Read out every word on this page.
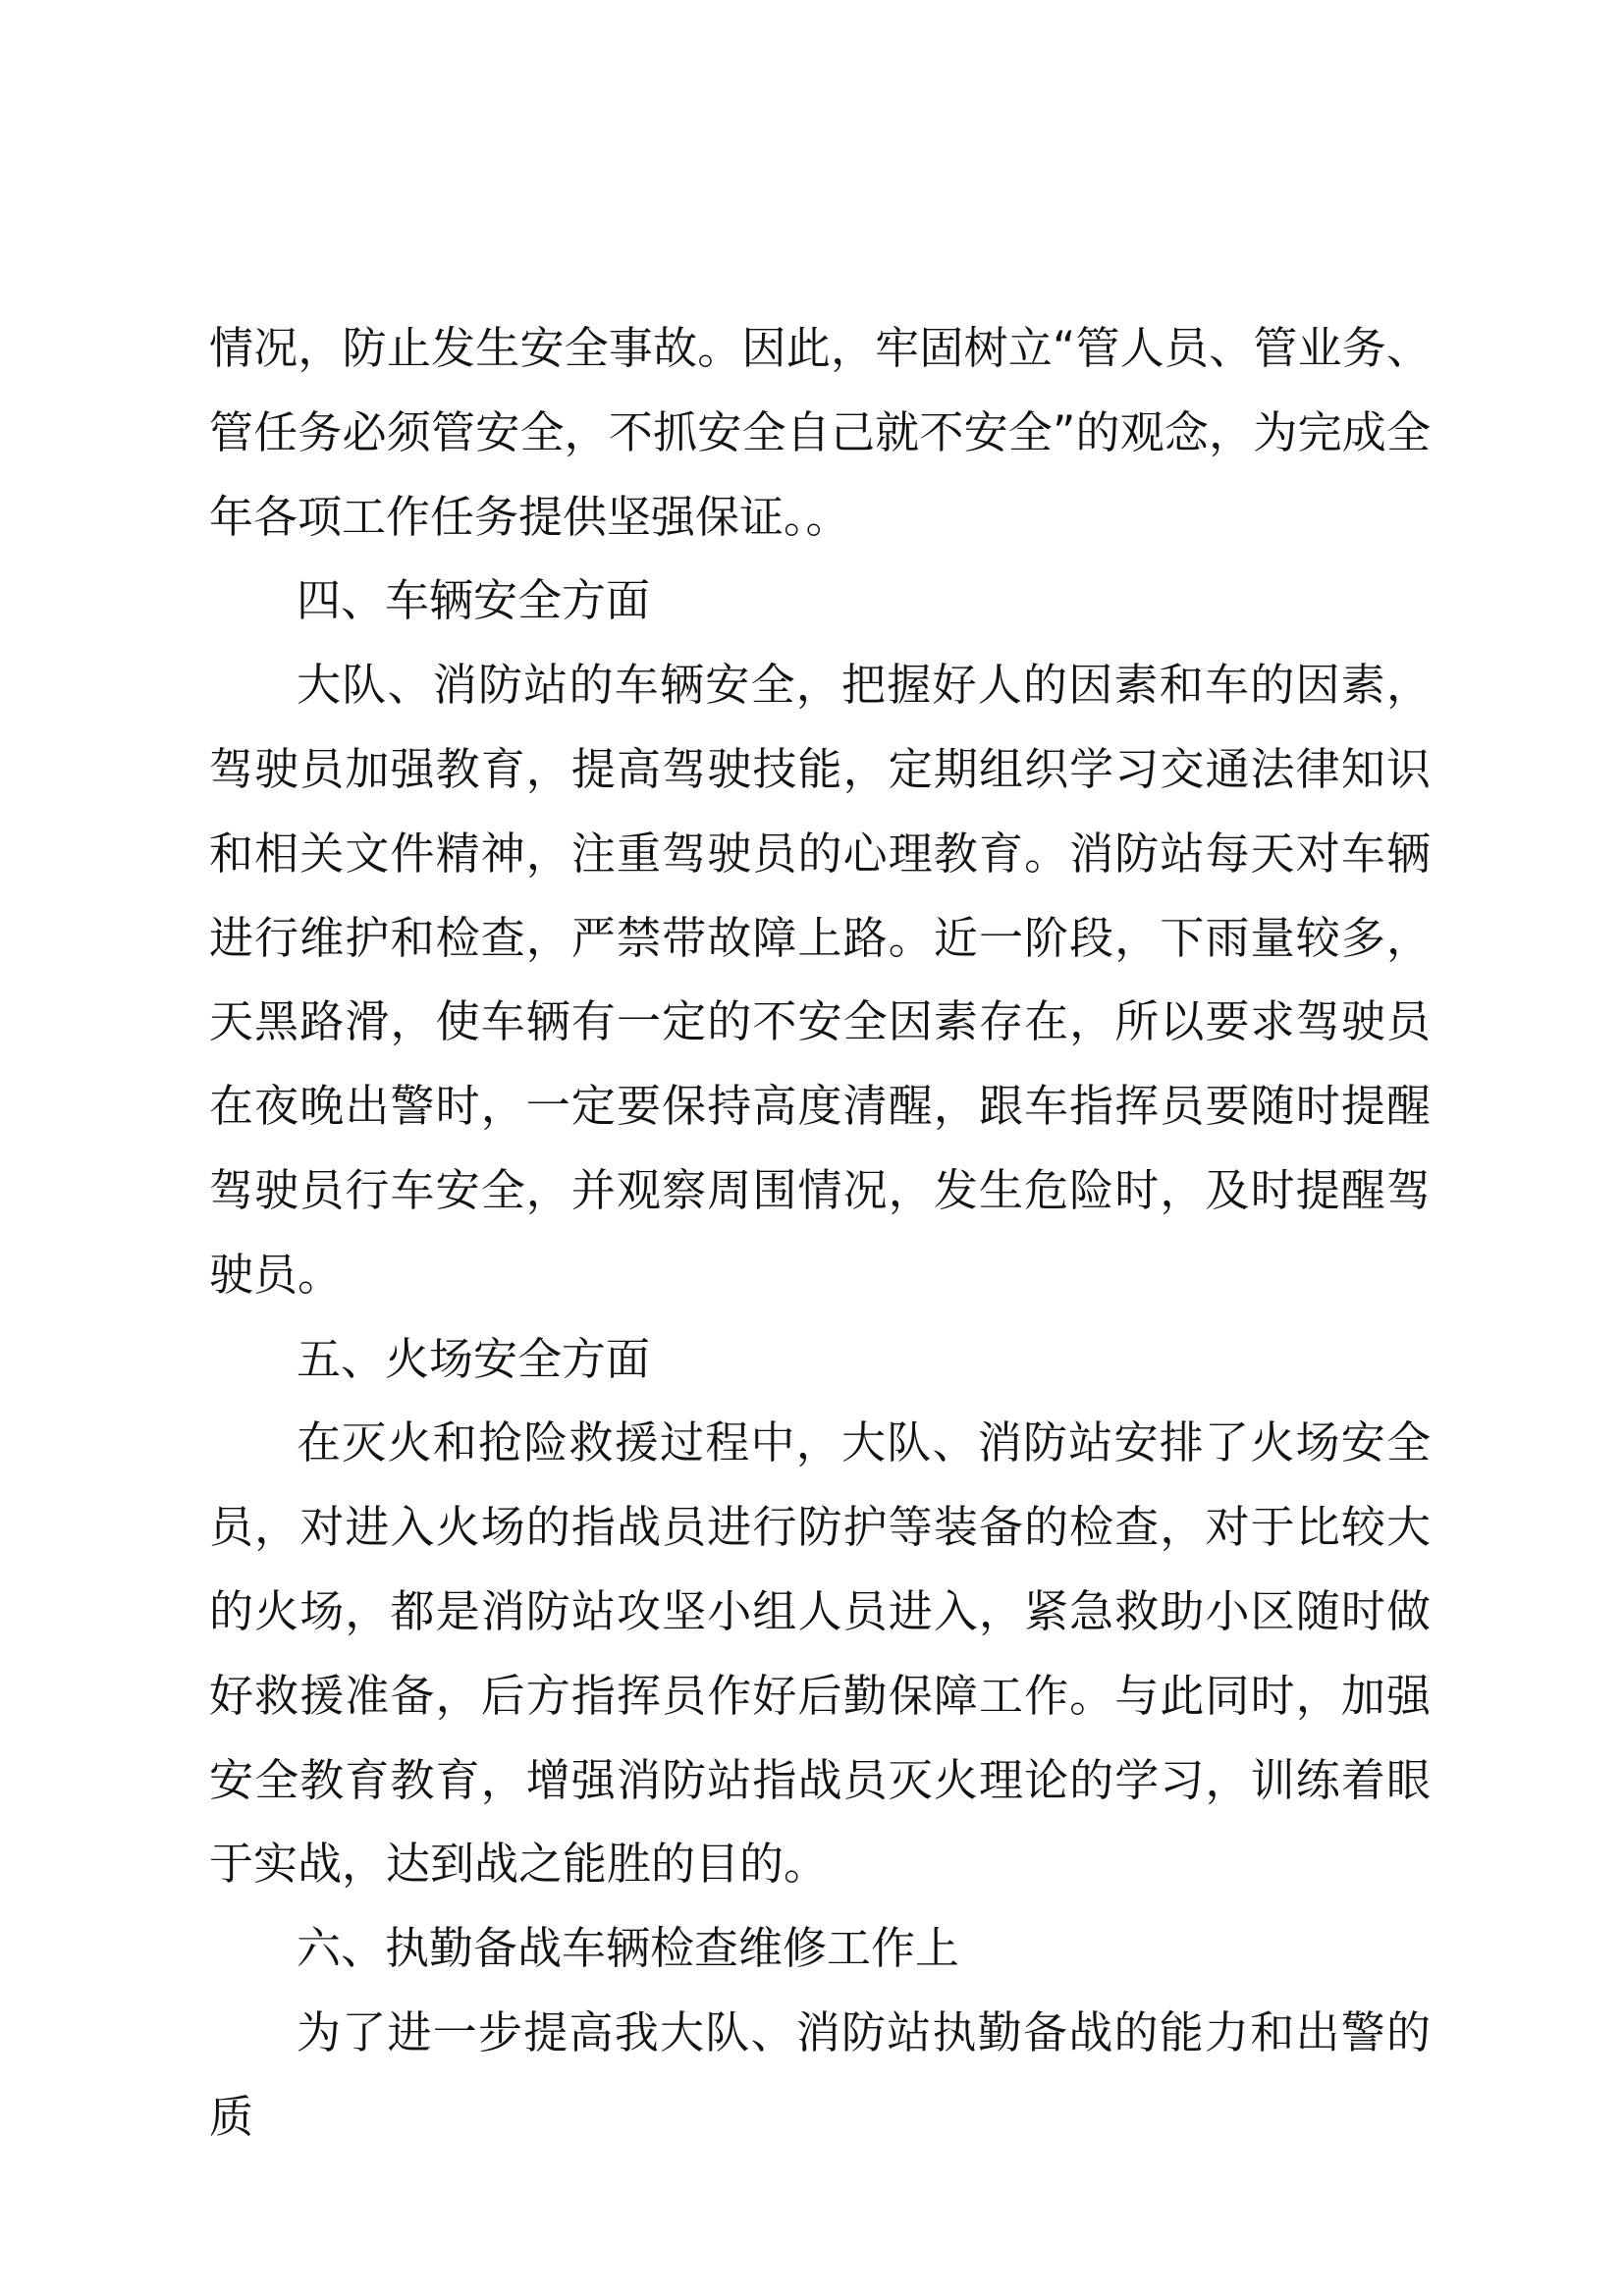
情况，防止发生安全事故。因此，牢固树立“管人员、管业务、管任务必须管安全，不抓安全自己就不安全”的观念，为完成全年各项工作任务提供坚强保证。。

四、车辆安全方面

大队、消防站的车辆安全，把握好人的因素和车的因素，驾驶员加强教育，提高驾驶技能，定期组织学习交通法律知识和相关文件精神，注重驾驶员的心理教育。消防站每天对车辆进行维护和检查，严禁带故障上路。近一阶段，下雨量较多，天黑路滑，使车辆有一定的不安全因素存在，所以要求驾驶员在夜晚出警时，一定要保持高度清醒，跟车指挥员要随时提醒驾驶员行车安全，并观察周围情况，发生危险时，及时提醒驾驶员。

五、火场安全方面

在灭火和抢险救援过程中，大队、消防站安排了火场安全员，对进入火场的指战员进行防护等装备的检查，对于比较大的火场，都是消防站攻坚小组人员进入，紧急救助小区随时做好救援准备，后方指挥员作好后勤保障工作。与此同时，加强安全教育教育，增强消防站指战员灭火理论的学习，训练着眼于实战，达到战之能胜的目的。

六、执勤备战车辆检查维修工作上

为了进一步提高我大队、消防站执勤备战的能力和出警的质
